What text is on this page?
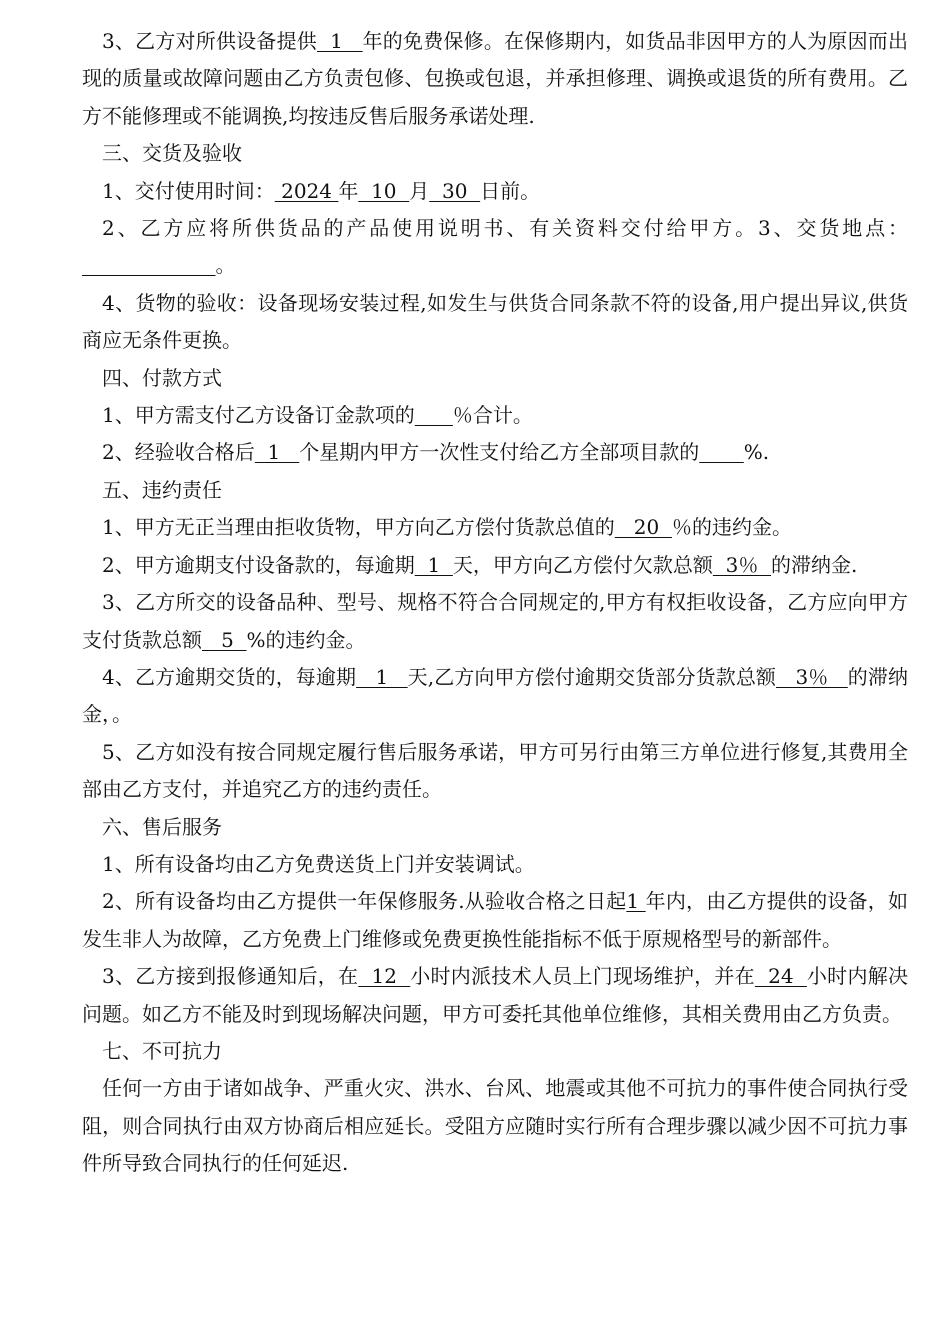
3、乙方对所供设备提供  1   年的免费保修。在保修期内，如货品非因甲方的人为原因而出现的质量或故障问题由乙方负责包修、包换或包退，并承担修理、调换或退货的所有费用。乙方不能修理或不能调换,均按违反售后服务承诺处理.

三、交货及验收

1、交付使用时间： 2024 年  10  月  30  日前。

2、乙方应将所供货品的产品使用说明书、有关资料交付给甲方。3、交货地点：                     。

4、货物的验收：设备现场安装过程,如发生与供货合同条款不符的设备,用户提出异议,供货商应无条件更换。

四、付款方式

1、甲方需支付乙方设备订金款项的 ％合计。

2、经验收合格后  1   个星期内甲方一次性支付给乙方全部项目款的 %.

五、违约责任

1、甲方无正当理由拒收货物，甲方向乙方偿付货款总值的   20  ％的违约金。

2、甲方逾期支付设备款的，每逾期  1  天，甲方向乙方偿付欠款总额  3％  的滞纳金.

3、乙方所交的设备品种、型号、规格不符合合同规定的,甲方有权拒收设备，乙方应向甲方支付货款总额   5  %的违约金。

4、乙方逾期交货的，每逾期   1   天,乙方向甲方偿付逾期交货部分货款总额   3％   的滞纳金，。

5、乙方如没有按合同规定履行售后服务承诺，甲方可另行由第三方单位进行修复,其费用全部由乙方支付，并追究乙方的违约责任。

六、售后服务

1、所有设备均由乙方免费送货上门并安装调试。

2、所有设备均由乙方提供一年保修服务.从验收合格之日起1 年内，由乙方提供的设备，如发生非人为故障，乙方免费上门维修或免费更换性能指标不低于原规格型号的新部件。

3、乙方接到报修通知后，在  12  小时内派技术人员上门现场维护，并在  24  小时内解决问题。如乙方不能及时到现场解决问题，甲方可委托其他单位维修，其相关费用由乙方负责。

七、不可抗力

任何一方由于诸如战争、严重火灾、洪水、台风、地震或其他不可抗力的事件使合同执行受阻，则合同执行由双方协商后相应延长。受阻方应随时实行所有合理步骤以减少因不可抗力事件所导致合同执行的任何延迟.
